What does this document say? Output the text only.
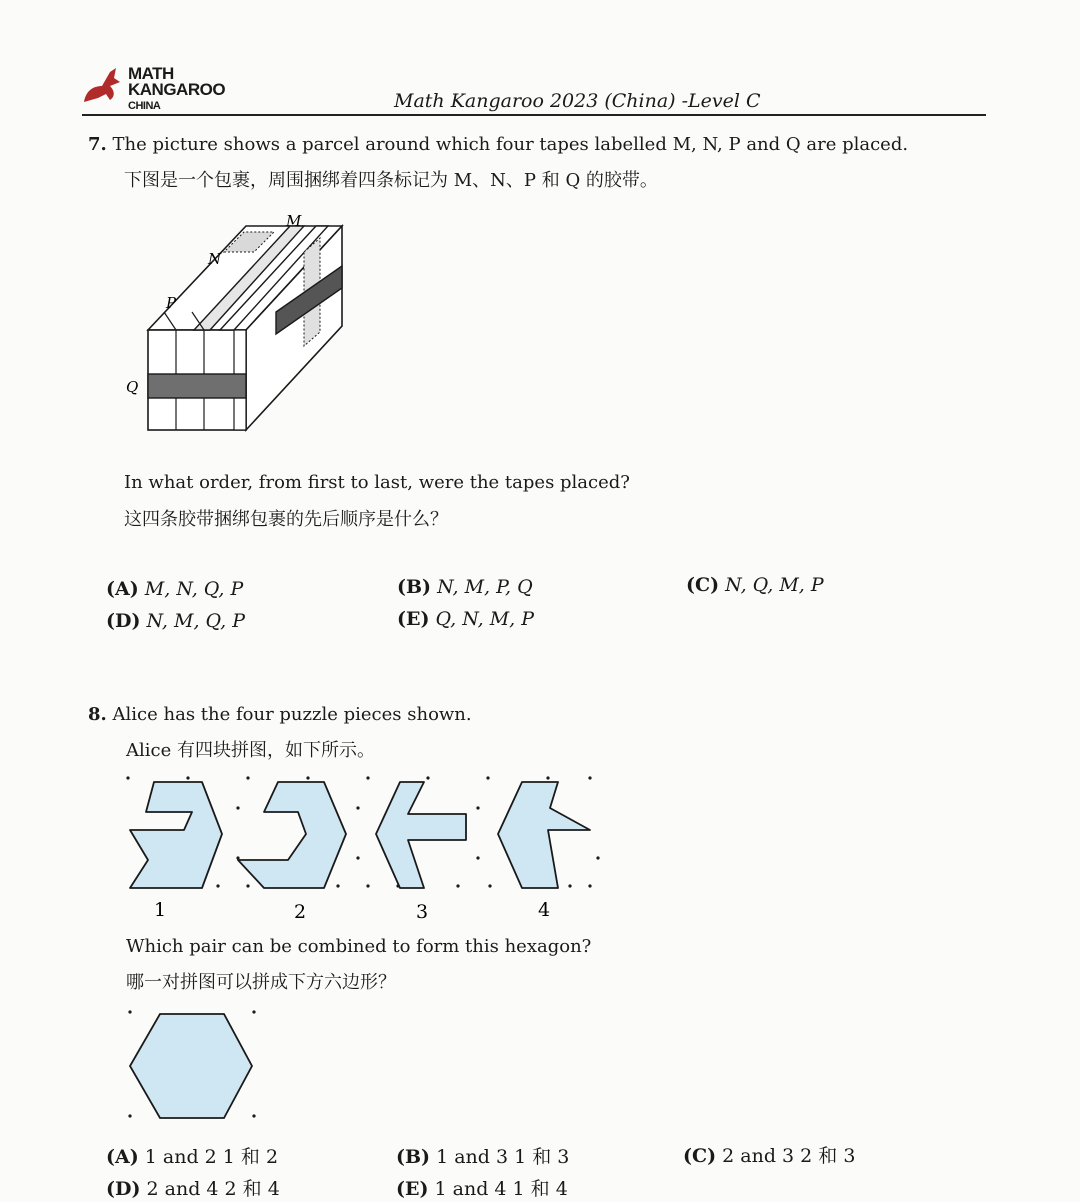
MATH
KANGAROO
CHINA	Math Kangaroo 2023 (China) -Level C
7. The picture shows a parcel around which four tapes labelled M, N, P and Q are placed.
下图是一个包裹，周围捆绑着四条标记为 M、N、P 和 Q 的胶带。
M
N
P
Q
In what order, from first to last, were the tapes placed?
这四条胶带捆绑包裹的先后顺序是什么？
(A) M, N, Q, P	(B) N, M, P, Q	(C) N, Q, M, P
(D) N, M, Q, P	(E) Q, N, M, P
8. Alice has the four puzzle pieces shown.
Alice 有四块拼图，如下所示。
1	2	3	4
Which pair can be combined to form this hexagon?
哪一对拼图可以拼成下方六边形？
(A) 1 and 2 1 和 2	(B) 1 and 3 1 和 3	(C) 2 and 3 2 和 3
(D) 2 and 4 2 和 4	(E) 1 and 4 1 和 4
